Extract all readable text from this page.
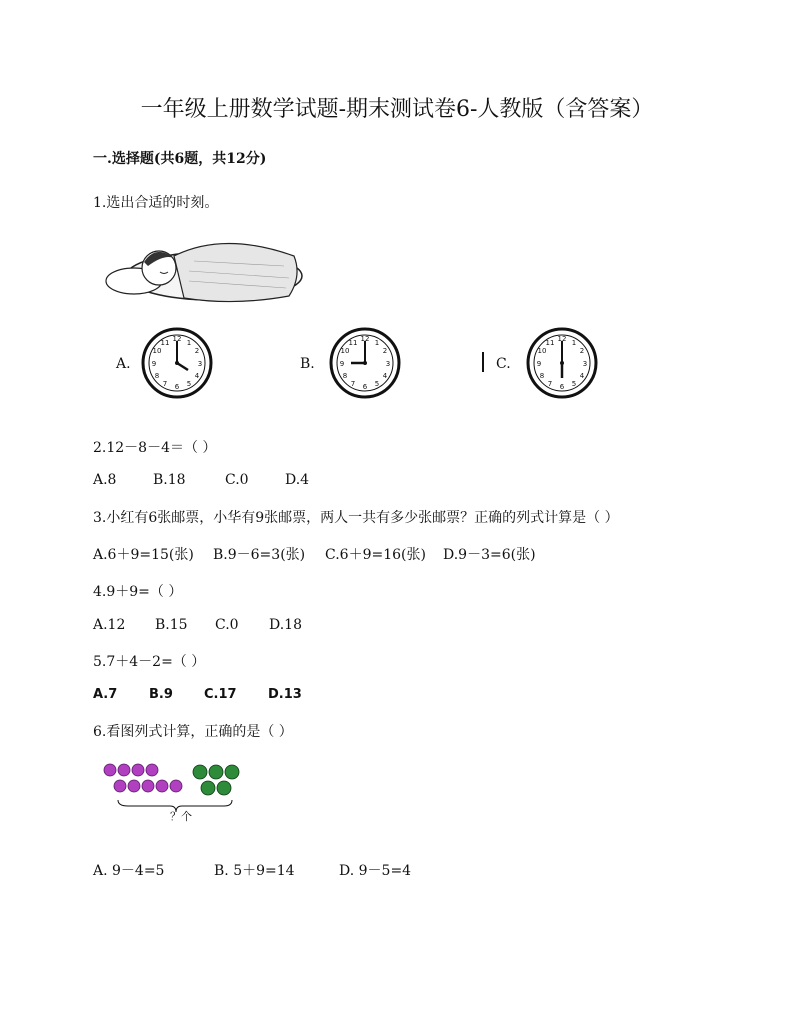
一年级上册数学试题-期末测试卷6-人教版（含答案）
一.选择题(共6题，共12分)
1.选出合适的时刻。
A.
12 1
2
3
4
5
6
7
8
9
10
11
B.
12 1
2
3
4
5
6
7
8
9
10
11
C.
12 1
2
3
4
5
6
7
8
9
10
11
2.12－8－4＝（ ）
A.8	B.18	C.0	D.4
3.小红有6张邮票，小华有9张邮票，两人一共有多少张邮票？正确的列式计算是（ ）
A.6＋9=15(张) B.9－6=3(张) C.6＋9=16(张) D.9－3=6(张)
4.9＋9=（ ）
A.12 B.15 C.0 D.18
5.7＋4－2=（ ）
A.7 B.9 C.17 D.13
6.看图列式计算，正确的是（ ）
？个
A. 9－4=5	B. 5＋9=14	D. 9－5=4
